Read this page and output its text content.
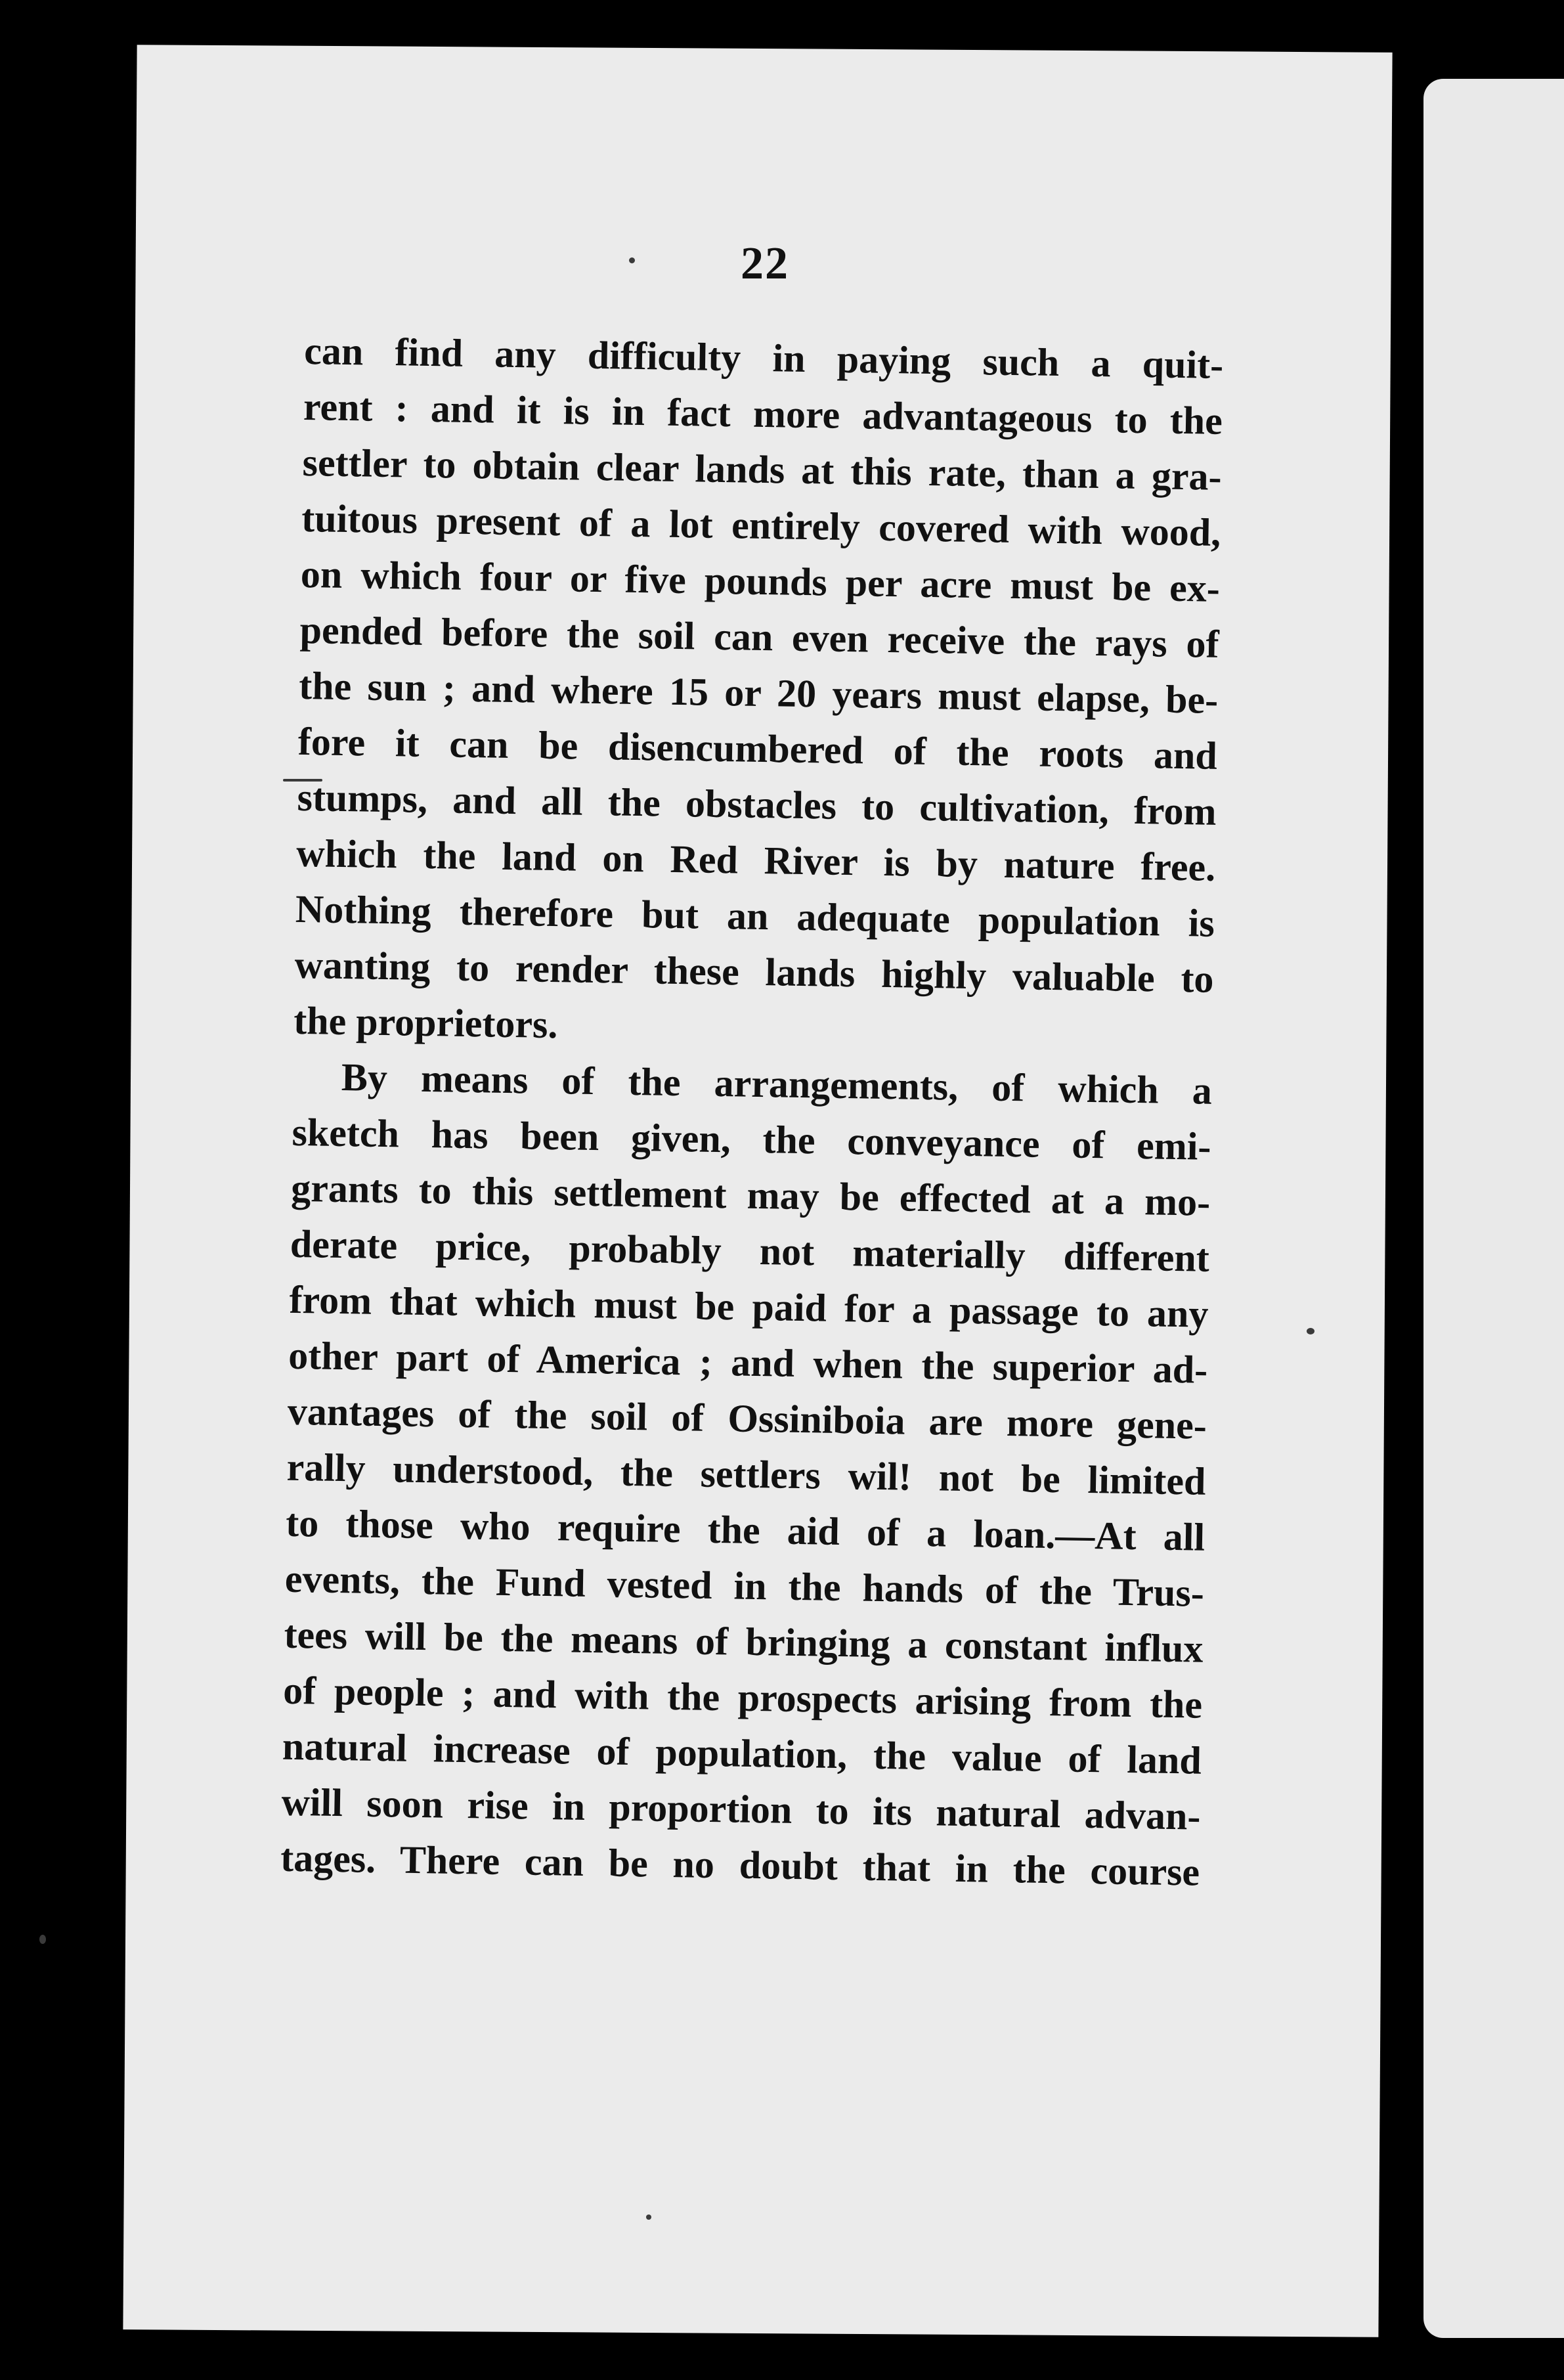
22
can find any difficulty in paying such a quit-
rent : and it is in fact more advantageous to the
settler to obtain clear lands at this rate, than a gra-
tuitous present of a lot entirely covered with wood,
on which four or five pounds per acre must be ex-
pended before the soil can even receive the rays of
the sun ; and where 15 or 20 years must elapse, be-
fore it can be disencumbered of the roots and
stumps, and all the obstacles to cultivation, from
which the land on Red River is by nature free.
Nothing therefore but an adequate population is
wanting to render these lands highly valuable to
the proprietors.
By means of the arrangements, of which a
sketch has been given, the conveyance of emi-
grants to this settlement may be effected at a mo-
derate price, probably not materially different
from that which must be paid for a passage to any
other part of America ; and when the superior ad-
vantages of the soil of Ossiniboia are more gene-
rally understood, the settlers wil! not be limited
to those who require the aid of a loan.—At all
events, the Fund vested in the hands of the Trus-
tees will be the means of bringing a constant influx
of people ; and with the prospects arising from the
natural increase of population, the value of land
will soon rise in proportion to its natural advan-
tages. There can be no doubt that in the course
